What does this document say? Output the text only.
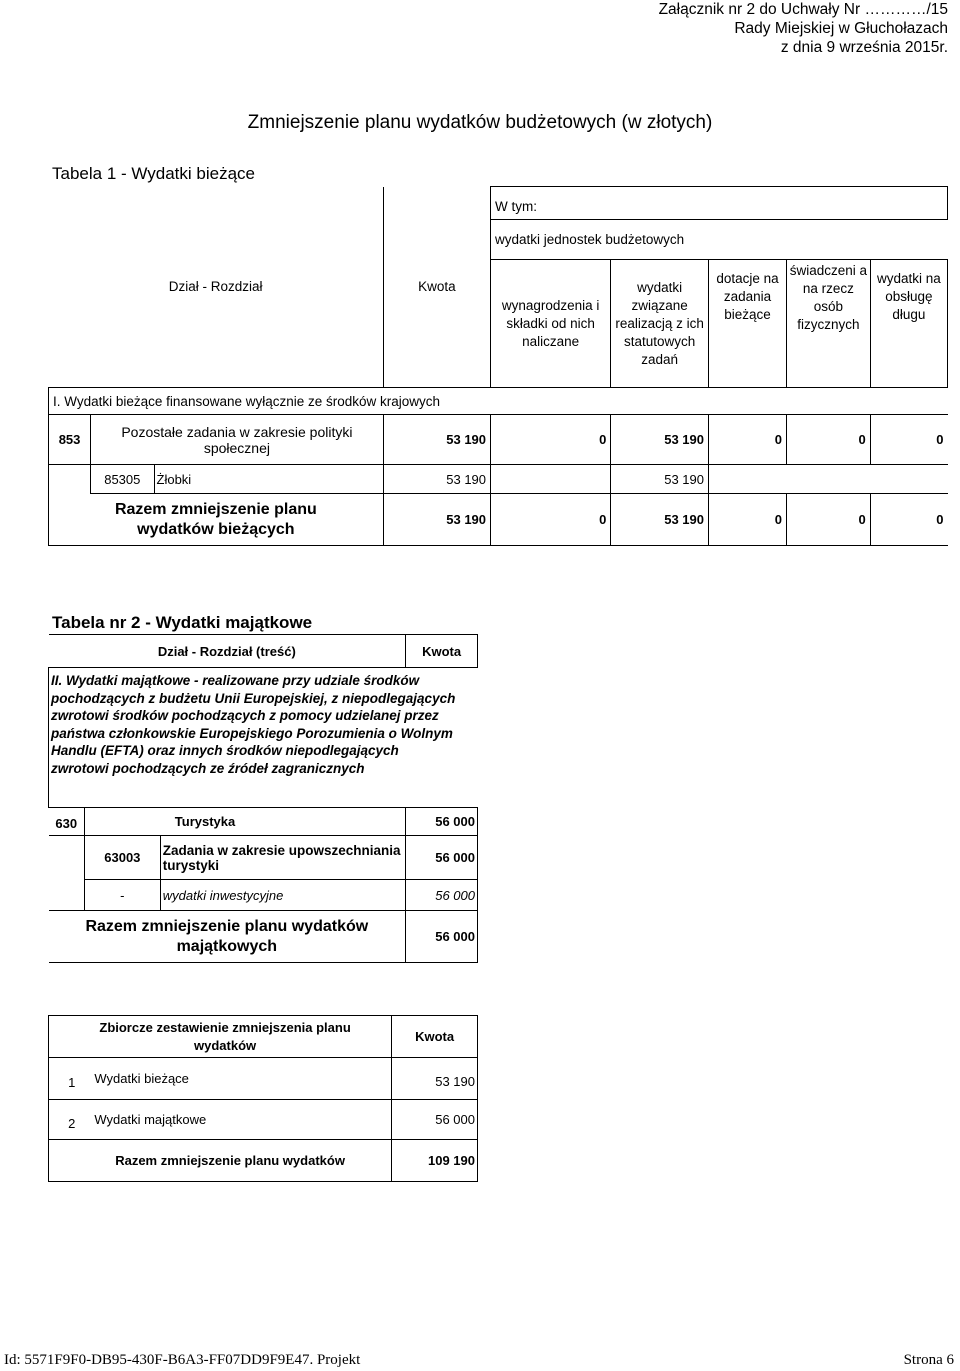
Załącznik nr 2 do Uchwały Nr …………/15
Rady Miejskiej w Głuchołazach
z dnia 9 września 2015r.
Zmniejszenie planu wydatków budżetowych (w złotych)
Tabela 1 - Wydatki bieżące
Dział - Rozdział			Kwota	W tym:				
				wydatki jednostek budżetowych				
				wynagrodzenia i składki od nich naliczane	wydatki związane realizacją z ich statutowych zadań	dotacje na zadania bieżące	świadczeni a na rzecz osób fizycznych	wydatki na obsługę długu
I. Wydatki bieżące finansowane wyłącznie ze środków krajowych								
853	Pozostałe zadania w zakresie polityki społecznej		53 190	0	53 190	0	0	0
	85305	Żłobki	53 190		53 190			
Razem zmniejszenie planu wydatków bieżących			53 190	0	53 190	0	0	0
Tabela nr 2 - Wydatki majątkowe
Dział - Rozdział (treść)			Kwota
II. Wydatki majątkowe - realizowane przy udziale środków pochodzących z budżetu Unii Europejskiej, z niepodlegających zwrotowi środków pochodzących z pomocy udzielanej przez państwa członkowskie Europejskiego Porozumienia o Wolnym Handlu (EFTA) oraz innych środków niepodlegających zwrotowi pochodzących ze źródeł zagranicznych			
630	Turystyka		56 000
	63003	Zadania w zakresie upowszechniania turystyki	56 000
	-	wydatki inwestycyjne	56 000
Razem zmniejszenie planu wydatków majątkowych			56 000
Zbiorcze zestawienie zmniejszenia planu wydatków		Kwota
1	Wydatki bieżące	53 190
2	Wydatki majątkowe	56 000
Razem zmniejszenie planu wydatków		109 190
Id: 5571F9F0-DB95-430F-B6A3-FF07DD9F9E47. Projekt	Strona 6
